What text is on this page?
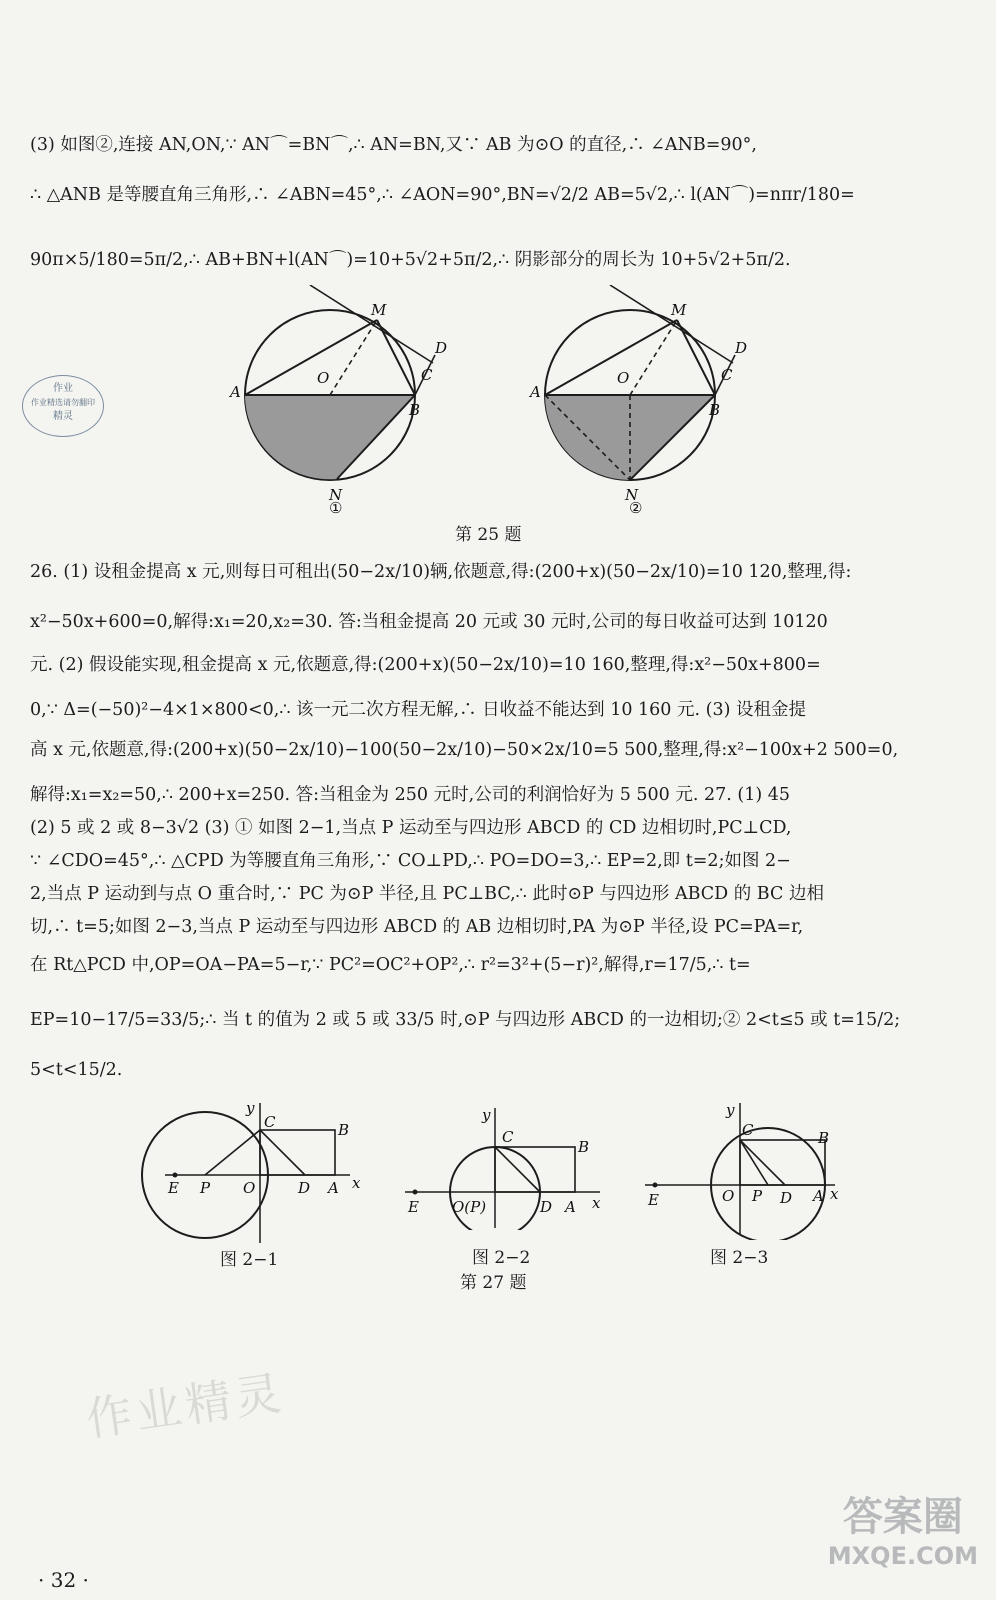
(3) 如图②,连接 AN,ON,∵ AN⌒=BN⌒,∴ AN=BN,又∵ AB 为⊙O 的直径,∴ ∠ANB=90°,
∴ △ANB 是等腰直角三角形,∴ ∠ABN=45°,∴ ∠AON=90°,BN=√2/2 AB=5√2,∴ l(AN⌒)=nπr/180=
90π×5/180=5π/2,∴ AB+BN+l(AN⌒)=10+5√2+5π/2,∴ 阴影部分的周长为 10+5√2+5π/2.
A
B
C
D
M
N
O
①
A
B
C
D
M
N
O
②
第 25 题
作业
作业精选请勿翻印
精灵
26. (1) 设租金提高 x 元,则每日可租出(50−2x/10)辆,依题意,得:(200+x)(50−2x/10)=10 120,整理,得:
x²−50x+600=0,解得:x₁=20,x₂=30. 答:当租金提高 20 元或 30 元时,公司的每日收益可达到 10120
元. (2) 假设能实现,租金提高 x 元,依题意,得:(200+x)(50−2x/10)=10 160,整理,得:x²−50x+800=
0,∵ Δ=(−50)²−4×1×800<0,∴ 该一元二次方程无解,∴ 日收益不能达到 10 160 元. (3) 设租金提
高 x 元,依题意,得:(200+x)(50−2x/10)−100(50−2x/10)−50×2x/10=5 500,整理,得:x²−100x+2 500=0,
解得:x₁=x₂=50,∴ 200+x=250. 答:当租金为 250 元时,公司的利润恰好为 5 500 元. 27. (1) 45
(2) 5 或 2 或 8−3√2 (3) ① 如图 2−1,当点 P 运动至与四边形 ABCD 的 CD 边相切时,PC⊥CD,
∵ ∠CDO=45°,∴ △CPD 为等腰直角三角形,∵ CO⊥PD,∴ PO=DO=3,∴ EP=2,即 t=2;如图 2−
2,当点 P 运动到与点 O 重合时,∵ PC 为⊙P 半径,且 PC⊥BC,∴ 此时⊙P 与四边形 ABCD 的 BC 边相
切,∴ t=5;如图 2−3,当点 P 运动至与四边形 ABCD 的 AB 边相切时,PA 为⊙P 半径,设 PC=PA=r,
在 Rt△PCD 中,OP=OA−PA=5−r,∵ PC²=OC²+OP²,∴ r²=3²+(5−r)²,解得,r=17/5,∴ t=
EP=10−17/5=33/5;∴ 当 t 的值为 2 或 5 或 33/5 时,⊙P 与四边形 ABCD 的一边相切;② 2<t≤5 或 t=15/2;
5<t<15/2.
E P O	D A x
y
C	B
图 2−1
E O(P)	D A x
y
C
B
图 2−2
第 27 题
E	O P D A x
y
C	B
图 2−3
作业精灵
答案圈
MXQE.COM
· 32 ·
